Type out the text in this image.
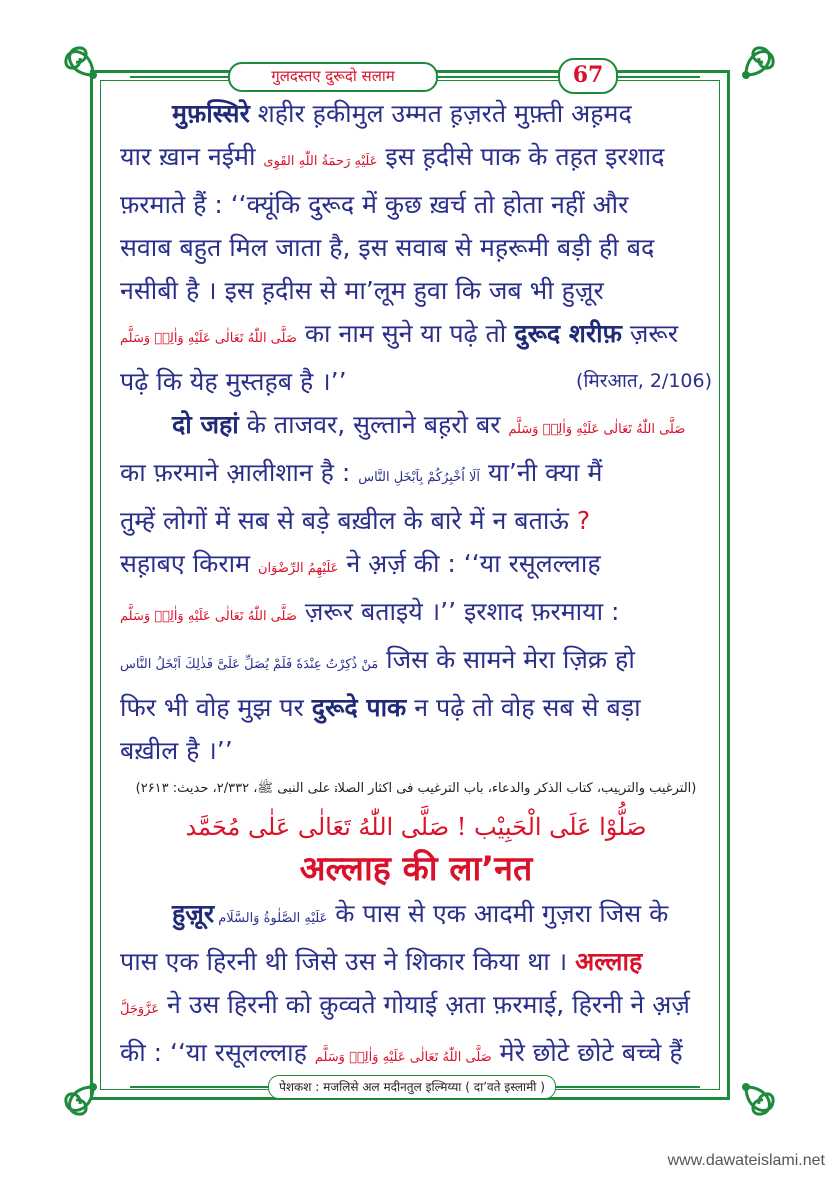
गुलदस्तए दुरूदो सलाम	67
मुफ़स्सिरे शहीर ह़कीमुल उम्मत ह़ज़रते मुफ़्ती अह़मद
यार ख़ान नईमी عَلَيْهِ رَحمَةُ اللّٰهِ القَوِی इस ह़दीसे पाक के तह़त इरशाद
फ़रमाते हैं : ‘‘क्यूंकि दुरूद में कुछ ख़र्च तो होता नहीं और
सवाब बहुत मिल जाता है, इस सवाब से मह़रूमी बड़ी ही बद
नसीबी है । इस ह़दीस से मा’लूम हुवा कि जब भी हुज़ूर
صَلَّى اللّٰهُ تَعَالٰی عَلَيْهِ وَاٰلِهٖ وَسَلَّم का नाम सुने या पढ़े तो दुरूद शरीफ़ ज़रूर
पढ़े कि येह मुस्तह़ब है ।’’	(मिरआत, 2/106)
दो जहां के ताजवर, सुल्ताने बह़रो बर صَلَّى اللّٰهُ تَعَالٰی عَلَيْهِ وَاٰلِهٖ وَسَلَّم
का फ़रमाने आ़लीशान है : اَلَا اُخْبِرُكُمْ بِاَبْخَلِ النَّاس या’नी क्या मैं
तुम्हें लोगों में सब से बड़े बख़ील के बारे में न बताऊं ?
सह़ाबए किराम عَلَيْهِمُ الرِّضْوَان ने अ़र्ज़ की : ‘‘या रसूलल्लाह
صَلَّى اللّٰهُ تَعَالٰی عَلَيْهِ وَاٰلِهٖ وَسَلَّم ज़रूर बताइये ।’’ इरशाद फ़रमाया :
مَنْ ذُكِرْتُ عِنْدَهٗ فَلَمْ يُصَلِّ عَلَیَّ فَذٰلِكَ اَبْخَلُ النَّاس जिस के सामने मेरा ज़िक्र हो
फिर भी वोह मुझ पर दुरूदे पाक न पढ़े तो वोह सब से बड़ा
बख़ील है ।’’
(الترغیب والترہیب، کتاب الذکر والدعاء، باب الترغیب فی اکثار الصلاۃ علی النبی ﷺ، ۲/۳۳۲، حدیث: ۲۶۱۳)
صَلُّوْا عَلَى الْحَبِيْب ! صَلَّى اللّٰهُ تَعَالٰی عَلٰی مُحَمَّد
अल्लाह की ला’नत
हुज़ूर عَلَيْهِ الصَّلٰوةُ وَالسَّلَام के पास से एक आदमी गुज़रा जिस के
पास एक हिरनी थी जिसे उस ने शिकार किया था । अल्लाह
عَزَّوَجَلَّ ने उस हिरनी को क़ुव्वते गोयाई अ़ता फ़रमाई, हिरनी ने अ़र्ज़
की : ‘‘या रसूलल्लाह صَلَّى اللّٰهُ تَعَالٰی عَلَيْهِ وَاٰلِهٖ وَسَلَّم मेरे छोटे छोटे बच्चे हैं
पेशकश : मजलिसे अल मदीनतुल इल्मिय्या ( दा’वते इस्लामी )
www.dawateislami.net
